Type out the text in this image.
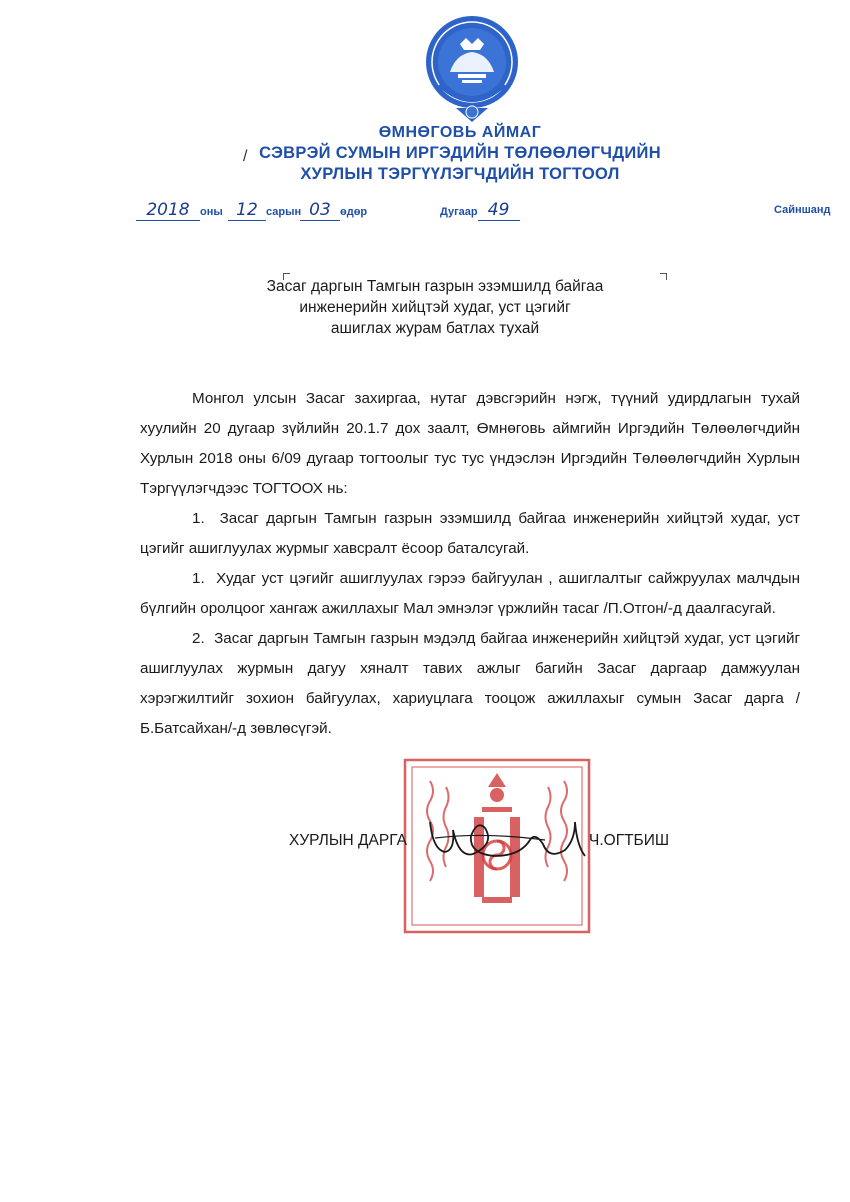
ӨМНӨГОВЬ АЙМАГ
СЭВРЭЙ СУМЫН ИРГЭДИЙН ТӨЛӨӨЛӨГЧДИЙН
ХУРЛЫН ТЭРГҮҮЛЭГЧДИЙН ТОГТООЛ
/
2018 оны 12 сарын 03 өдөр	Дугаар 49	Сайншанд
Засаг даргын Тамгын газрын эзэмшилд байгаа
инженерийн хийцтэй худаг, уст цэгийг
ашиглах журам батлах тухай

Монгол улсын Засаг захиргаа, нутаг дэвсгэрийн нэгж, түүний удирдлагын тухай хуулийн 20 дугаар зүйлийн 20.1.7 дох заалт, Өмнөговь аймгийн Иргэдийн Төлөөлөгчдийн Хурлын 2018 оны 6/09 дугаар тогтоолыг тус тус үндэслэн Иргэдийн Төлөөлөгчдийн Хурлын Тэргүүлэгчдээс ТОГТООХ нь:

1. Засаг даргын Тамгын газрын эзэмшилд байгаа инженерийн хийцтэй худаг, уст цэгийг ашиглуулах журмыг хавсралт ёсоор баталсугай.

1. Худаг уст цэгийг ашиглуулах гэрээ байгуулан , ашиглалтыг сайжруулах малчдын бүлгийн оролцоог хангаж ажиллахыг Мал эмнэлэг үржлийн тасаг /П.Отгон/-д даалгасугай.

2. Засаг даргын Тамгын газрын мэдэлд байгаа инженерийн хийцтэй худаг, уст цэгийг ашиглуулах журмын дагуу хяналт тавих ажлыг багийн Засаг даргаар дамжуулан хэрэгжилтийг зохион байгуулах, хариуцлага тооцож ажиллахыг сумын Засаг дарга /Б.Батсайхан/-д зөвлөсүгэй.

ХУРЛЫН ДАРГА	Ч.ОГТБИШ
